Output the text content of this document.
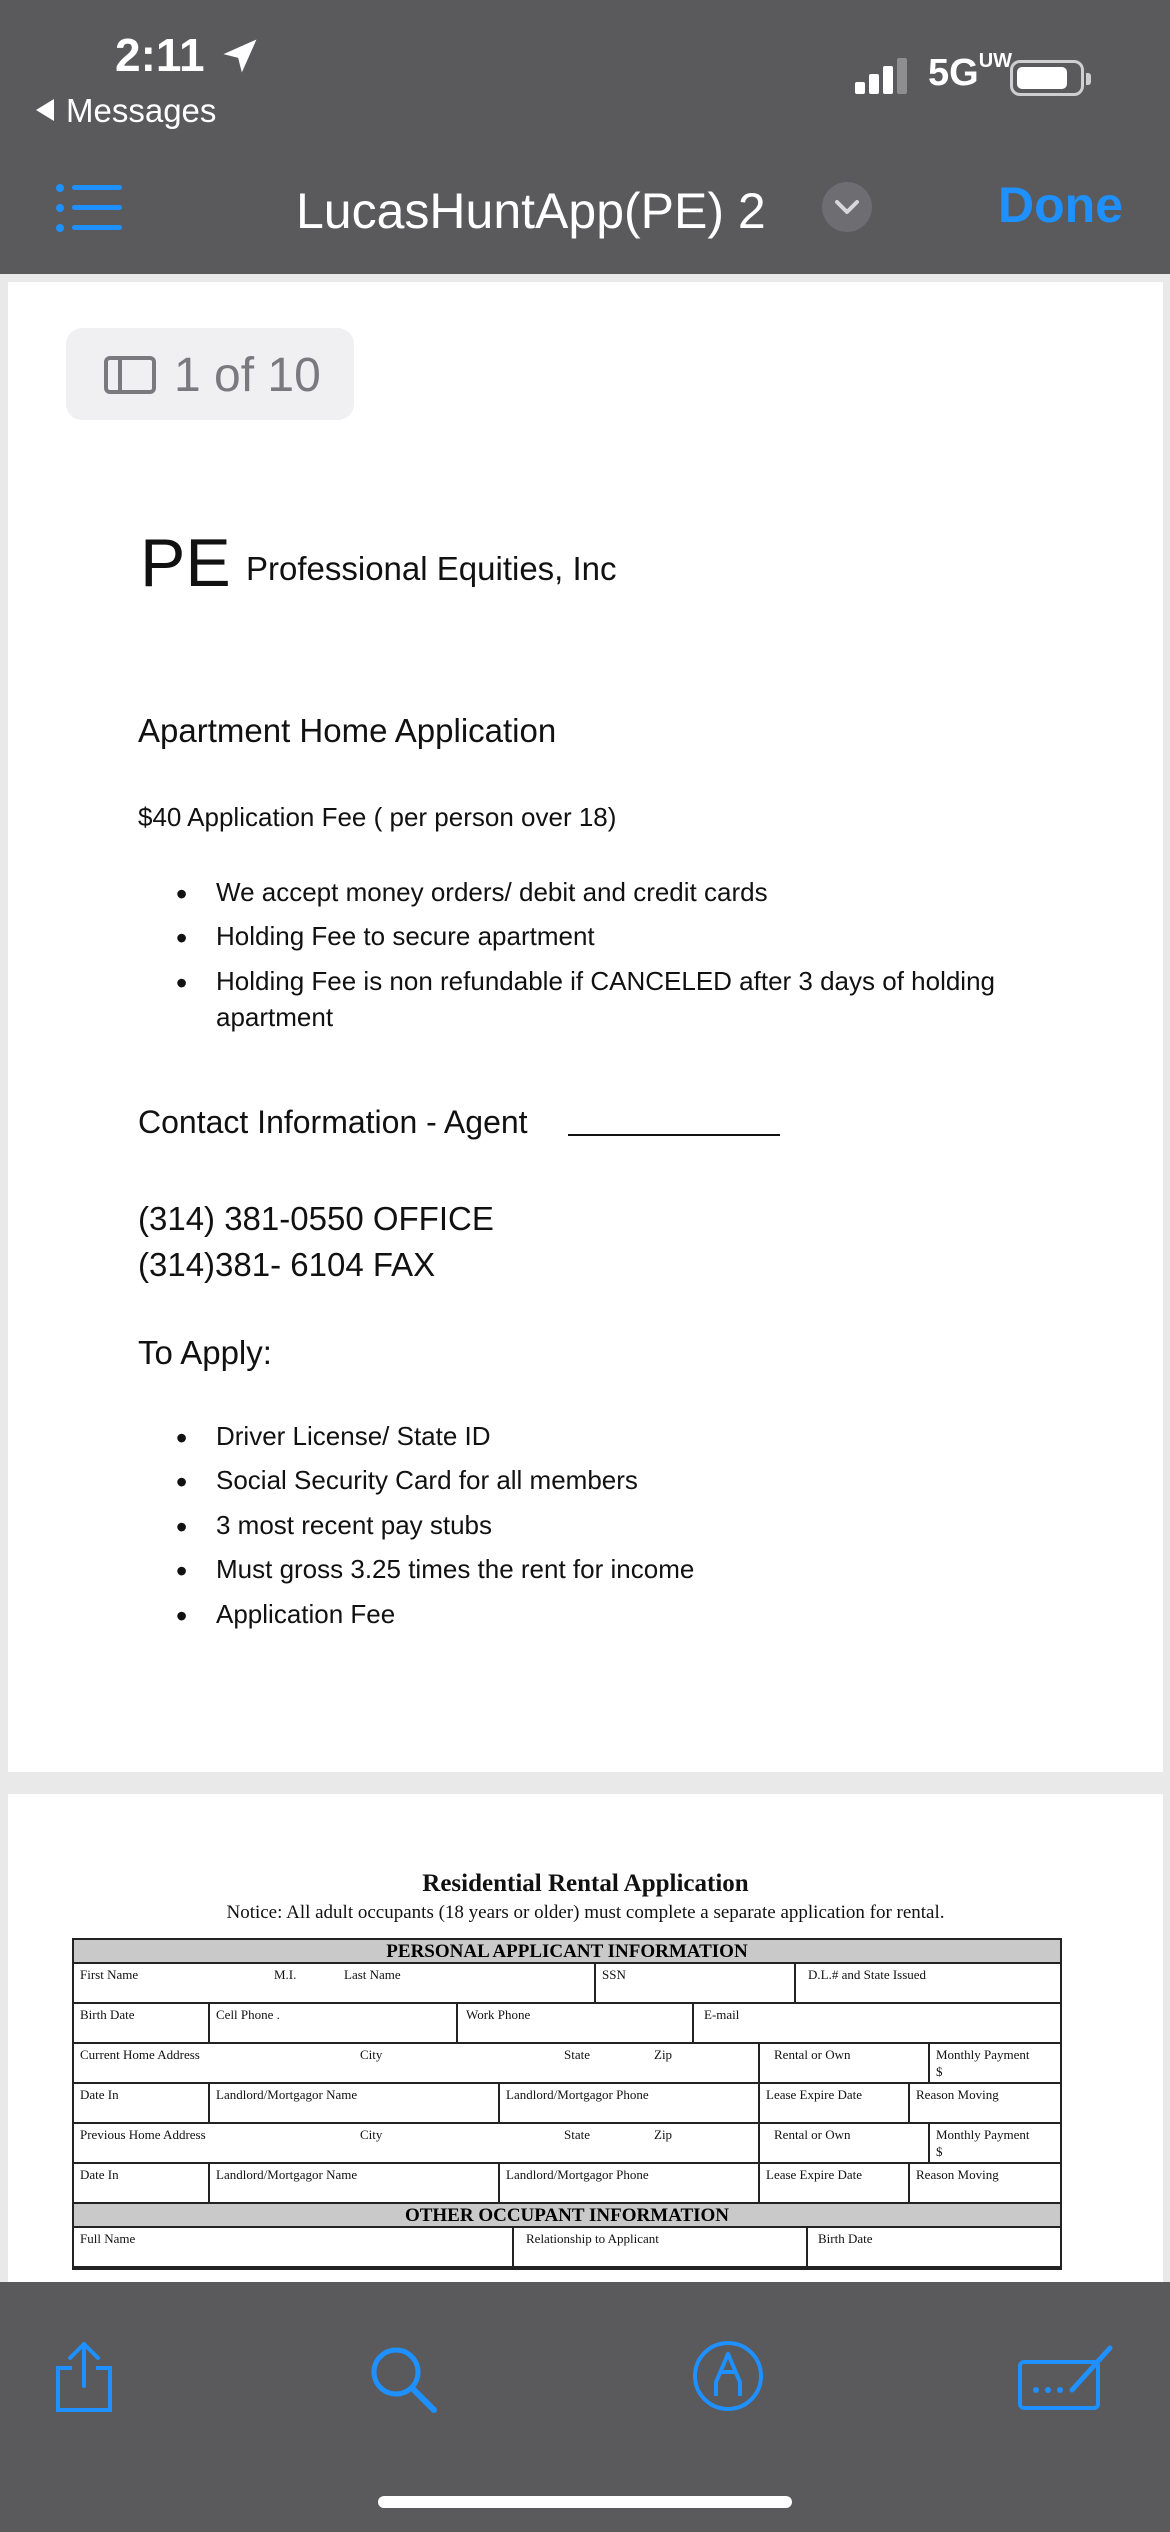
2:11
Messages
$5G^{UW}$
LucasHuntApp(PE) 2	Done
1 of 10
PE Professional Equities, Inc
Apartment Home Application
$40 Application Fee ( per person over 18)
• We accept money orders/ debit and credit cards
• Holding Fee to secure apartment
• Holding Fee is non refundable if CANCELED after 3 days of holding apartment
Contact Information - Agent
(314) 381-0550 OFFICE
(314)381- 6104 FAX
To Apply:
• Driver License/ State ID
• Social Security Card for all members
• 3 most recent pay stubs
• Must gross 3.25 times the rent for income
• Application Fee
Residential Rental Application
Notice: All adult occupants (18 years or older) must complete a separate application for rental.
PERSONAL APPLICANT INFORMATION
First Name	M.I.	Last Name	SSN	D.L.# and State Issued
Birth Date	Cell Phone .	Work Phone	E-mail
Current Home Address	City	State	Zip	Rental or Own	Monthly Payment
$
Date In	Landlord/Mortgagor Name	Landlord/Mortgagor Phone	Lease Expire Date	Reason Moving
Previous Home Address	City	State	Zip	Rental or Own	Monthly Payment
$
Date In	Landlord/Mortgagor Name	Landlord/Mortgagor Phone	Lease Expire Date	Reason Moving
OTHER OCCUPANT INFORMATION
Full Name	Relationship to Applicant	Birth Date
